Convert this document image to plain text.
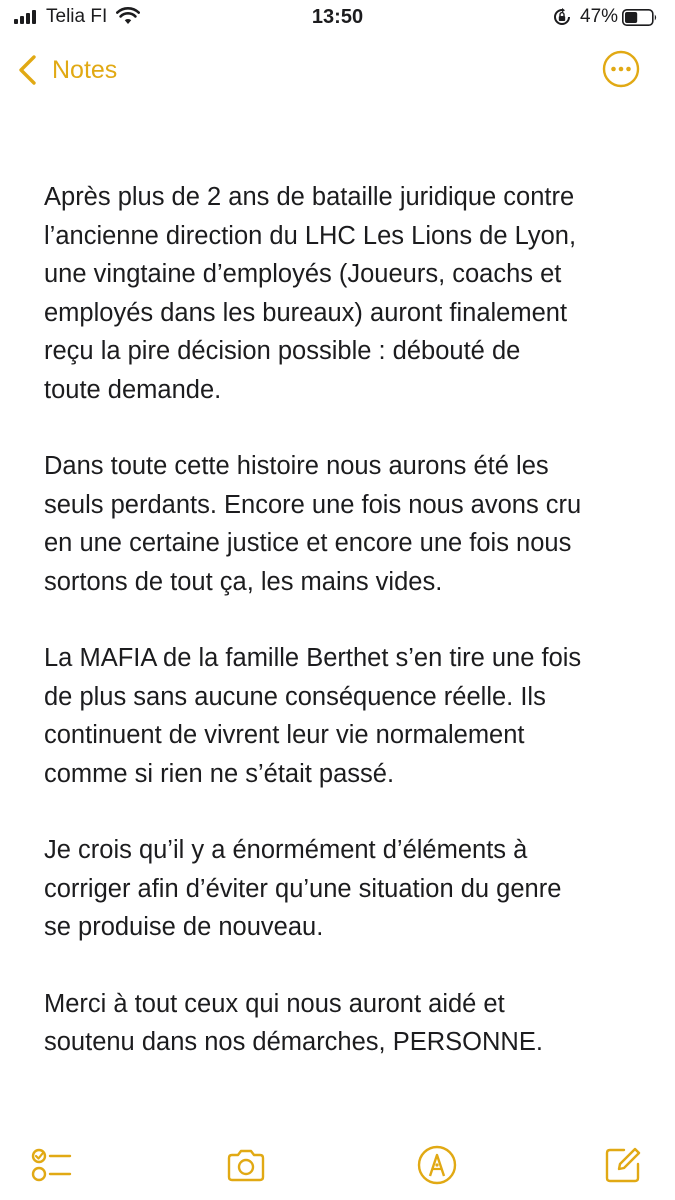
Telia FI	13:50	47%
Notes

Après plus de 2 ans de bataille juridique contre
l’ancienne direction du LHC Les Lions de Lyon,
une vingtaine d’employés (Joueurs, coachs et
employés dans les bureaux) auront finalement
reçu la pire décision possible : débouté de
toute demande.

Dans toute cette histoire nous aurons été les
seuls perdants. Encore une fois nous avons cru
en une certaine justice et encore une fois nous
sortons de tout ça, les mains vides.

La MAFIA de la famille Berthet s’en tire une fois
de plus sans aucune conséquence réelle. Ils
continuent de vivrent leur vie normalement
comme si rien ne s’était passé.

Je crois qu’il y a énormément d’éléments à
corriger afin d’éviter qu’une situation du genre
se produise de nouveau.

Merci à tout ceux qui nous auront aidé et
soutenu dans nos démarches, PERSONNE.
